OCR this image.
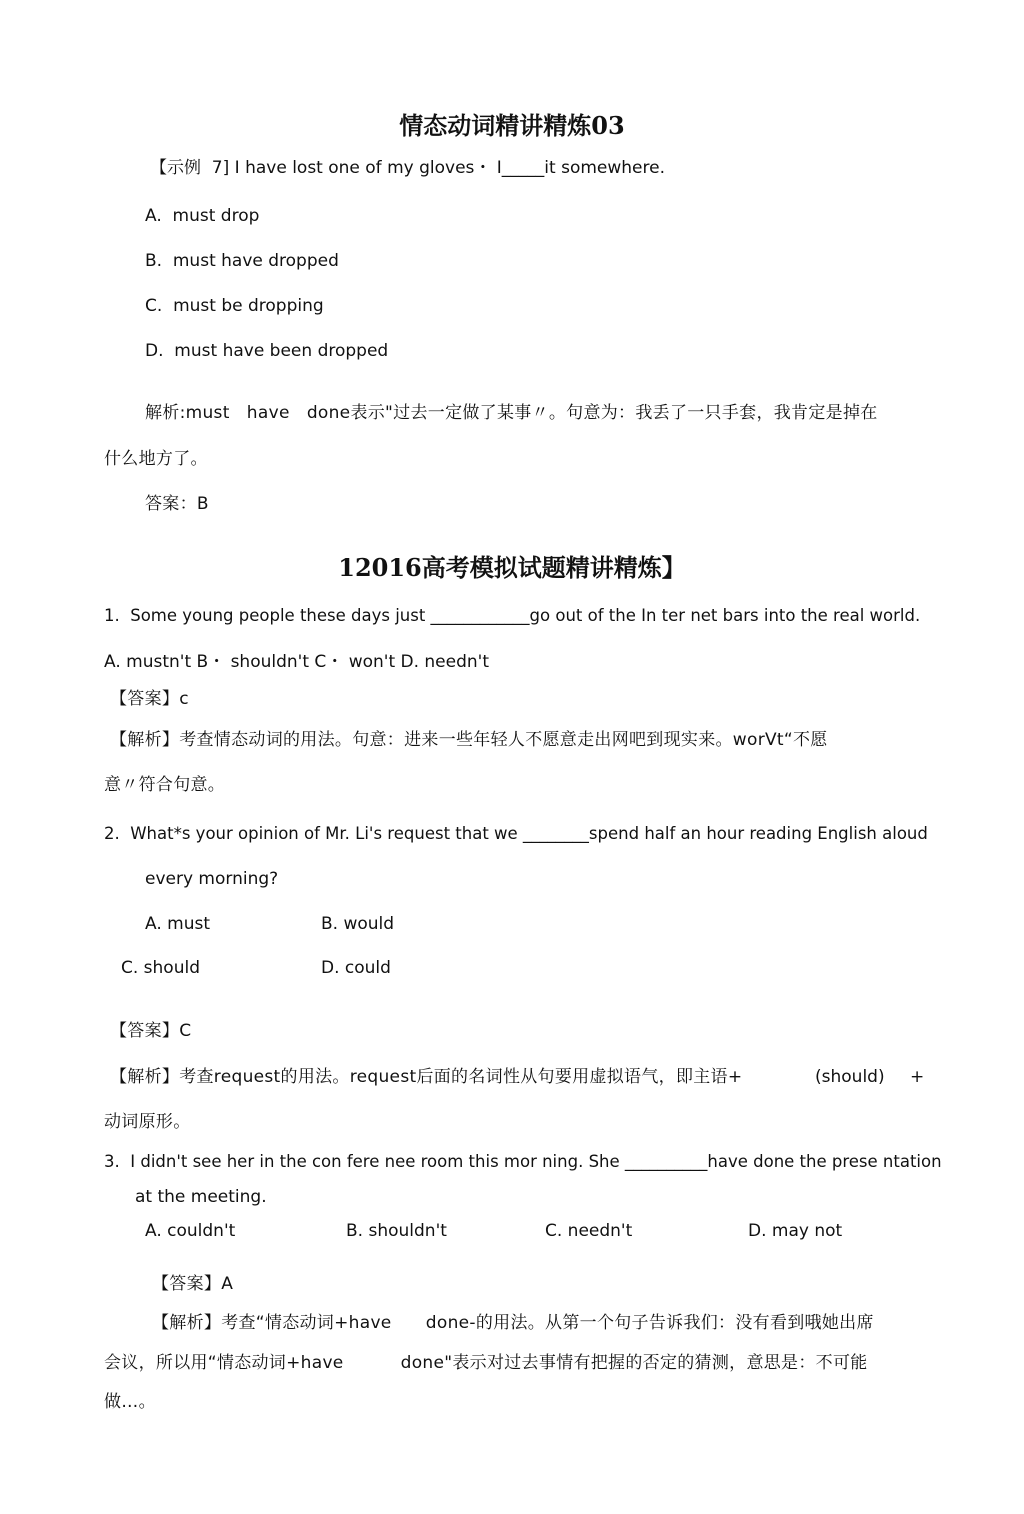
情态动词精讲精炼03
【示例  7] I have lost one of my gloves・ I_____it somewhere.
A.  must drop
B.  must have dropped
C.  must be dropping
D.  must have been dropped
解析:must   have   done表示"过去一定做了某事〃。句意为：我丢了一只手套，我肯定是掉在
什么地方了。
答案：B
12016高考模拟试题精讲精炼】
1.  Some young people these days just ____________go out of the In ter net bars into the real world.
A. mustn't B・ shouldn't C・ won't D. needn't
【答案】c
【解析】考查情态动词的用法。句意：进来一些年轻人不愿意走出网吧到现实来。worVt“不愿
意〃符合句意。
2.  What*s your opinion of Mr. Li's request that we ________spend half an hour reading English aloud
every morning?
A. must	B. would
C. should	D. could
【答案】C
【解析】考查request的用法。request后面的名词性从句要用虚拟语气，即主语+	(should) +
动词原形。
3.  I didn't see her in the con fere nee room this mor ning. She __________have done the prese ntation
at the meeting.
A. couldn't	B. shouldn't	C. needn't	D. may not
【答案】A
【解析】考查“情态动词+have      done-的用法。从第一个句子告诉我们：没有看到哦她出席
会议，所以用“情态动词+have          done"表示对过去事情有把握的否定的猜测，意思是：不可能
做…。
